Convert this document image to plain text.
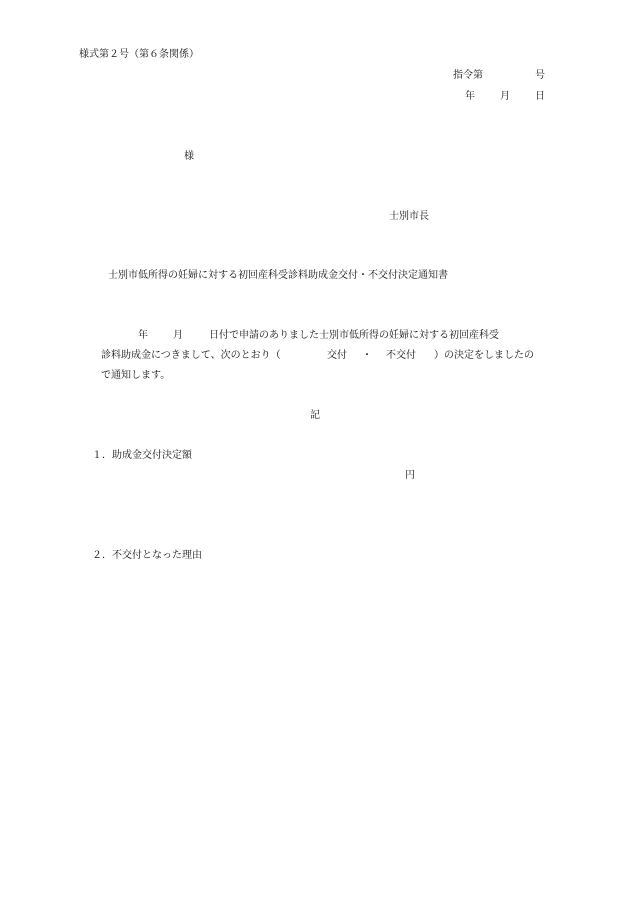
様式第２号（第６条関係）
指令第	号
年	月	日
様
士別市長
士別市低所得の妊婦に対する初回産科受診料助成金交付・不交付決定通知書
年	月	日付で申請のありました士別市低所得の妊婦に対する初回産科受
診料助成金につきまして、次のとおり（	交付 ・ 不交付 ）の決定をしましたの
で通知します。
記
１．助成金交付決定額
円
２．不交付となった理由
